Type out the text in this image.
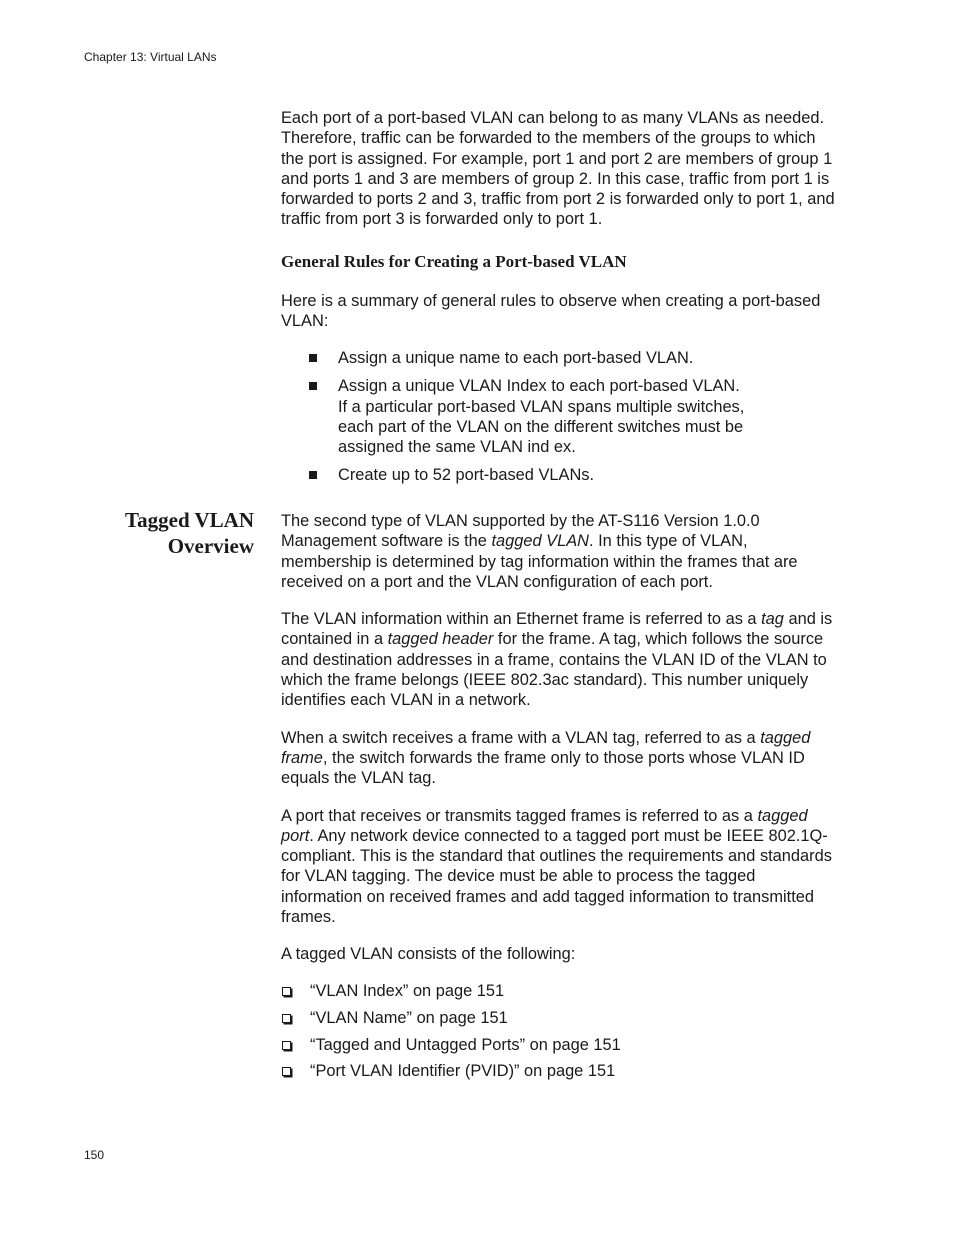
Chapter 13: Virtual LANs

Each port of a port-based VLAN can belong to as many VLANs as needed. Therefore, traffic can be forwarded to the members of the groups to which the port is assigned. For example, port 1 and port 2 are members of group 1 and ports 1 and 3 are members of group 2. In this case, traffic from port 1 is forwarded to ports 2 and 3, traffic from port 2 is forwarded only to port 1, and traffic from port 3 is forwarded only to port 1.

General Rules for Creating a Port-based VLAN

Here is a summary of general rules to observe when creating a port-based VLAN:

Assign a unique name to each port-based VLAN.
Assign a unique VLAN Index to each port-based VLAN. If a particular port-based VLAN spans multiple switches, each part of the VLAN on the different switches must be assigned the same VLAN ind ex.
Create up to 52 port-based VLANs.
Tagged VLAN
Overview

The second type of VLAN supported by the AT-S116 Version 1.0.0 Management software is the tagged VLAN. In this type of VLAN, membership is determined by tag information within the frames that are received on a port and the VLAN configuration of each port.

The VLAN information within an Ethernet frame is referred to as a tag and is contained in a tagged header for the frame. A tag, which follows the source and destination addresses in a frame, contains the VLAN ID of the VLAN to which the frame belongs (IEEE 802.3ac standard). This number uniquely identifies each VLAN in a network.

When a switch receives a frame with a VLAN tag, referred to as a tagged frame, the switch forwards the frame only to those ports whose VLAN ID equals the VLAN tag.

A port that receives or transmits tagged frames is referred to as a tagged port. Any network device connected to a tagged port must be IEEE 802.1Q-compliant. This is the standard that outlines the requirements and standards for VLAN tagging. The device must be able to process the tagged information on received frames and add tagged information to transmitted frames.

A tagged VLAN consists of the following:

“VLAN Index” on page 151
“VLAN Name” on page 151
“Tagged and Untagged Ports” on page 151
“Port VLAN Identifier (PVID)” on page 151
150
